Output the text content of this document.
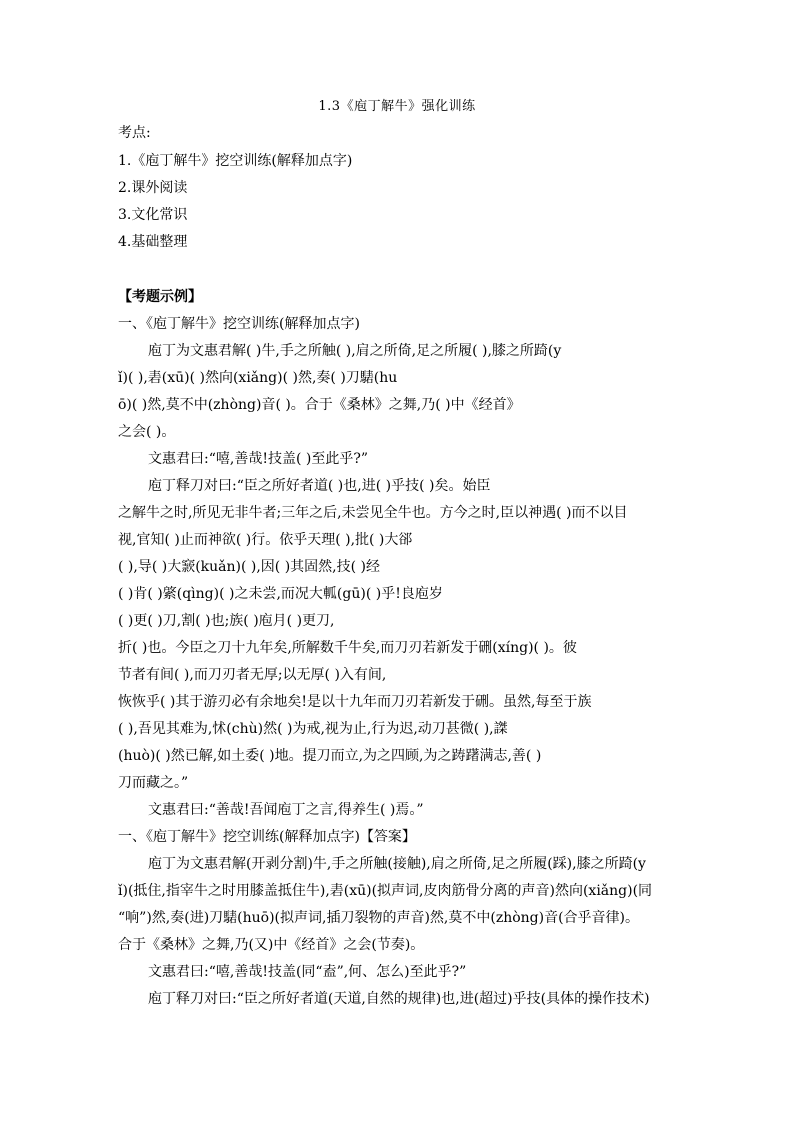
1.3《庖丁解牛》强化训练
考点:
1.《庖丁解牛》挖空训练(解释加点字)
2.课外阅读
3.文化常识
4.基础整理
【考题示例】
一、《庖丁解牛》挖空训练(解释加点字)
庖丁为文惠君解( )牛,手之所触( ),肩之所倚,足之所履( ),膝之所踦(y
ǐ)( ),砉(xū)( )然向(xiǎng)( )然,奏( )刀騞(hu
ō)( )然,莫不中(zhòng)音( )。合于《桑林》之舞,乃( )中《经首》
之会( )。
文惠君曰:“嘻,善哉!技盖( )至此乎?”
庖丁释刀对曰:“臣之所好者道( )也,进( )乎技( )矣。始臣
之解牛之时,所见无非牛者;三年之后,未尝见全牛也。方今之时,臣以神遇( )而不以目
视,官知( )止而神欲( )行。依乎天理( ),批( )大郤
( ),导( )大窾(kuǎn)( ),因( )其固然,技( )经
( )肯( )綮(qìng)( )之未尝,而况大軱(gū)( )乎!良庖岁
( )更( )刀,割( )也;族( )庖月( )更刀,
折( )也。今臣之刀十九年矣,所解数千牛矣,而刀刃若新发于硎(xíng)( )。彼
节者有间( ),而刀刃者无厚;以无厚( )入有间,
恢恢乎( )其于游刃必有余地矣!是以十九年而刀刃若新发于硎。虽然,每至于族
( ),吾见其难为,怵(chù)然( )为戒,视为止,行为迟,动刀甚微( ),謋
(huò)( )然已解,如土委( )地。提刀而立,为之四顾,为之踌躇满志,善( )
刀而藏之。”
文惠君曰:“善哉!吾闻庖丁之言,得养生( )焉。”
一、《庖丁解牛》挖空训练(解释加点字)【答案】
庖丁为文惠君解(开剥分割)牛,手之所触(接触),肩之所倚,足之所履(踩),膝之所踦(y
ǐ)(抵住,指宰牛之时用膝盖抵住牛),砉(xū)(拟声词,皮肉筋骨分离的声音)然向(xiǎng)(同
“响”)然,奏(进)刀騞(huō)(拟声词,插刀裂物的声音)然,莫不中(zhòng)音(合乎音律)。
合于《桑林》之舞,乃(又)中《经首》之会(节奏)。
文惠君曰:“嘻,善哉!技盖(同“盍”,何、怎么)至此乎?”
庖丁释刀对曰:“臣之所好者道(天道,自然的规律)也,进(超过)乎技(具体的操作技术)
